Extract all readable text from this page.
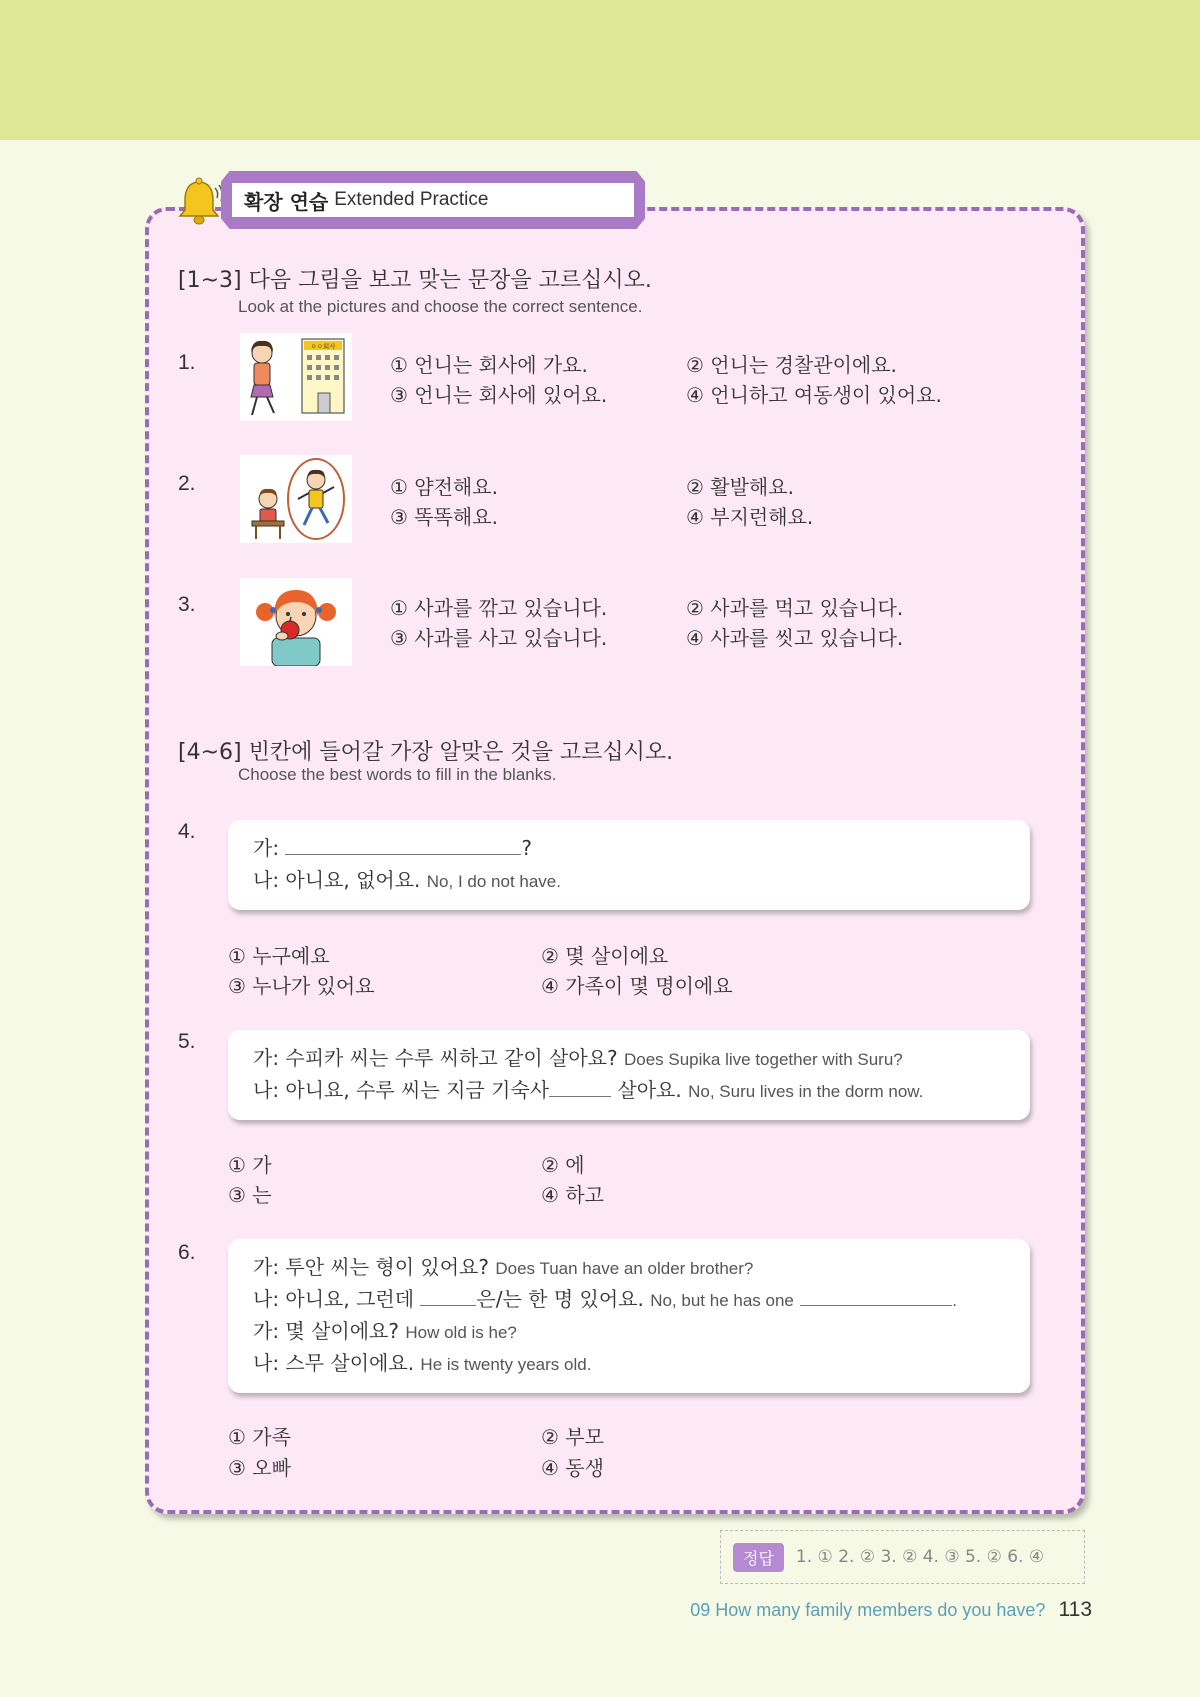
확장 연습 Extended Practice
[1~3] 다음 그림을 보고 맞는 문장을 고르십시오.
Look at the pictures and choose the correct sentence.
1.
ㅇㅇ회사
① 언니는 회사에 가요.	② 언니는 경찰관이에요.
③ 언니는 회사에 있어요.	④ 언니하고 여동생이 있어요.
2.	① 얌전해요.	② 활발해요.
③ 똑똑해요.	④ 부지런해요.
3.	① 사과를 깎고 있습니다.	② 사과를 먹고 있습니다.
③ 사과를 사고 있습니다.	④ 사과를 씻고 있습니다.
[4~6] 빈칸에 들어갈 가장 알맞은 것을 고르십시오.
Choose the best words to fill in the blanks.
4.
가:	?
나: 아니요, 없어요. No, I do not have.
① 누구예요	② 몇 살이에요
③ 누나가 있어요	④ 가족이 몇 명이에요
5.
가: 수피카 씨는 수루 씨하고 같이 살아요? Does Supika live together with Suru?
나: 아니요, 수루 씨는 지금 기숙사	살아요. No, Suru lives in the dorm now.
① 가	② 에
③ 는	④ 하고
6.
가: 투안 씨는 형이 있어요? Does Tuan have an older brother?
나: 아니요, 그런데	은/는 한 명 있어요. No, but he has one	.
가: 몇 살이에요? How old is he?
나: 스무 살이에요. He is twenty years old.
① 가족	② 부모
③ 오빠	④ 동생
정답	1. ① 2. ② 3. ② 4. ③ 5. ② 6. ④
09 How many family members do you have? 113
